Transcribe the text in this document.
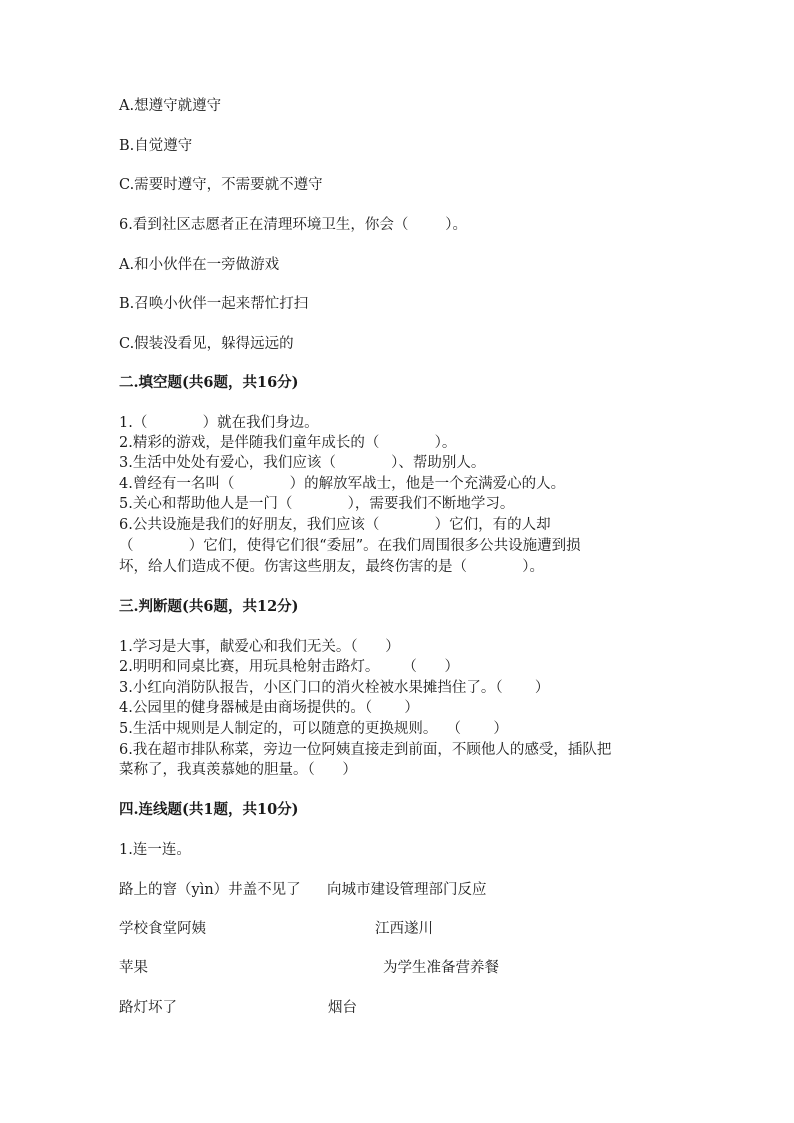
A.想遵守就遵守

B.自觉遵守

C.需要时遵守，不需要就不遵守

6.看到社区志愿者正在清理环境卫生，你会（        ）。

A.和小伙伴在一旁做游戏

B.召唤小伙伴一起来帮忙打扫

C.假装没看见，躲得远远的

二.填空题(共6题，共16分)

1.（            ）就在我们身边。

2.精彩的游戏，是伴随我们童年成长的（            ）。

3.生活中处处有爱心，我们应该（            ）、帮助别人。

4.曾经有一名叫（            ）的解放军战士，他是一个充满爱心的人。

5.关心和帮助他人是一门（            ），需要我们不断地学习。

6.公共设施是我们的好朋友，我们应该（            ）它们，有的人却

（            ）它们，使得它们很“委屈”。在我们周围很多公共设施遭到损

坏，给人们造成不便。伤害这些朋友，最终伤害的是（            ）。

三.判断题(共6题，共12分)

1.学习是大事，献爱心和我们无关。（      ）

2.明明和同桌比赛，用玩具枪射击路灯。     （      ）

3.小红向消防队报告，小区门口的消火栓被水果摊挡住了。（       ）

4.公园里的健身器械是由商场提供的。（       ）

5.生活中规则是人制定的，可以随意的更换规则。  （       ）

6.我在超市排队称菜，旁边一位阿姨直接走到前面，不顾他人的感受，插队把

菜称了，我真羡慕她的胆量。（      ）

四.连线题(共1题，共10分)

1.连一连。

路上的窨（yìn）井盖不见了 向城市建设管理部门反应
学校食堂阿姨	江西遂川
苹果	为学生准备营养餐
路灯坏了	烟台
